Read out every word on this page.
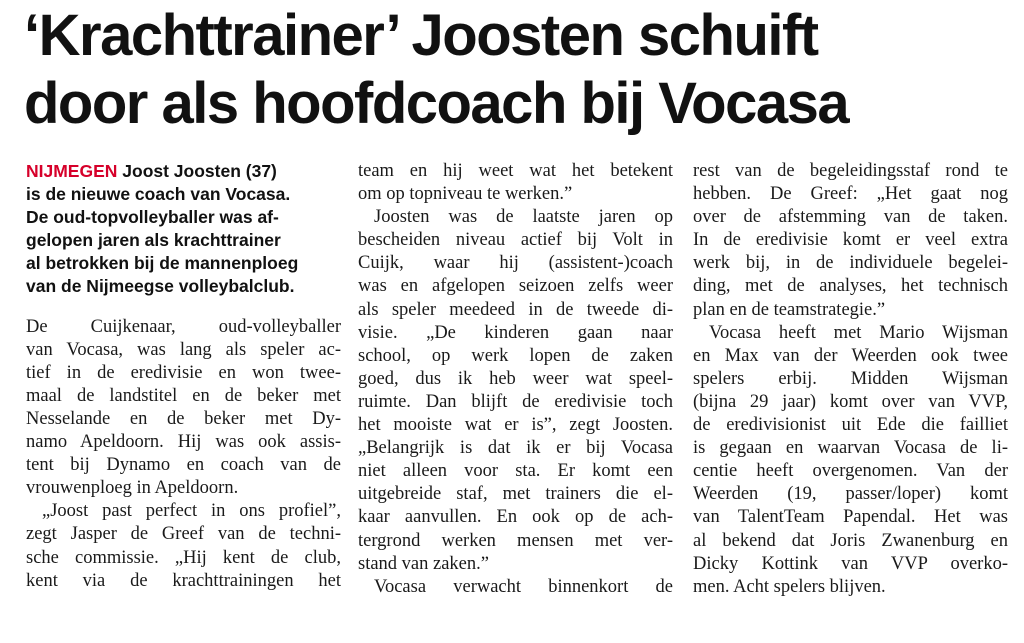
‘Krachttrainer’ Joosten schuift
door als hoofdcoach bij Vocasa
NIJMEGEN Joost Joosten (37)
is de nieuwe coach van Vocasa.
De oud-topvolleyballer was af-
gelopen jaren als krachttrainer
al betrokken bij de mannenploeg
van de Nijmeegse volleybalclub.
De Cuijkenaar, oud-volleyballer
van Vocasa, was lang als speler ac-
tief in de eredivisie en won twee-
maal de landstitel en de beker met
Nesselande en de beker met Dy-
namo Apeldoorn. Hij was ook assis-
tent bij Dynamo en coach van de
vrouwenploeg in Apeldoorn.
„Joost past perfect in ons profiel”,
zegt Jasper de Greef van de techni-
sche commissie. „Hij kent de club,
kent via de krachttrainingen het
team en hij weet wat het betekent
om op topniveau te werken.”
Joosten was de laatste jaren op
bescheiden niveau actief bij Volt in
Cuijk, waar hij (assistent-)coach
was en afgelopen seizoen zelfs weer
als speler meedeed in de tweede di-
visie. „De kinderen gaan naar
school, op werk lopen de zaken
goed, dus ik heb weer wat speel-
ruimte. Dan blijft de eredivisie toch
het mooiste wat er is”, zegt Joosten.
„Belangrijk is dat ik er bij Vocasa
niet alleen voor sta. Er komt een
uitgebreide staf, met trainers die el-
kaar aanvullen. En ook op de ach-
tergrond werken mensen met ver-
stand van zaken.”
Vocasa verwacht binnenkort de
rest van de begeleidingsstaf rond te
hebben. De Greef: „Het gaat nog
over de afstemming van de taken.
In de eredivisie komt er veel extra
werk bij, in de individuele begelei-
ding, met de analyses, het technisch
plan en de teamstrategie.”
Vocasa heeft met Mario Wijsman
en Max van der Weerden ook twee
spelers erbij. Midden Wijsman
(bijna 29 jaar) komt over van VVP,
de eredivisionist uit Ede die failliet
is gegaan en waarvan Vocasa de li-
centie heeft overgenomen. Van der
Weerden (19, passer/loper) komt
van TalentTeam Papendal. Het was
al bekend dat Joris Zwanenburg en
Dicky Kottink van VVP overko-
men. Acht spelers blijven.
